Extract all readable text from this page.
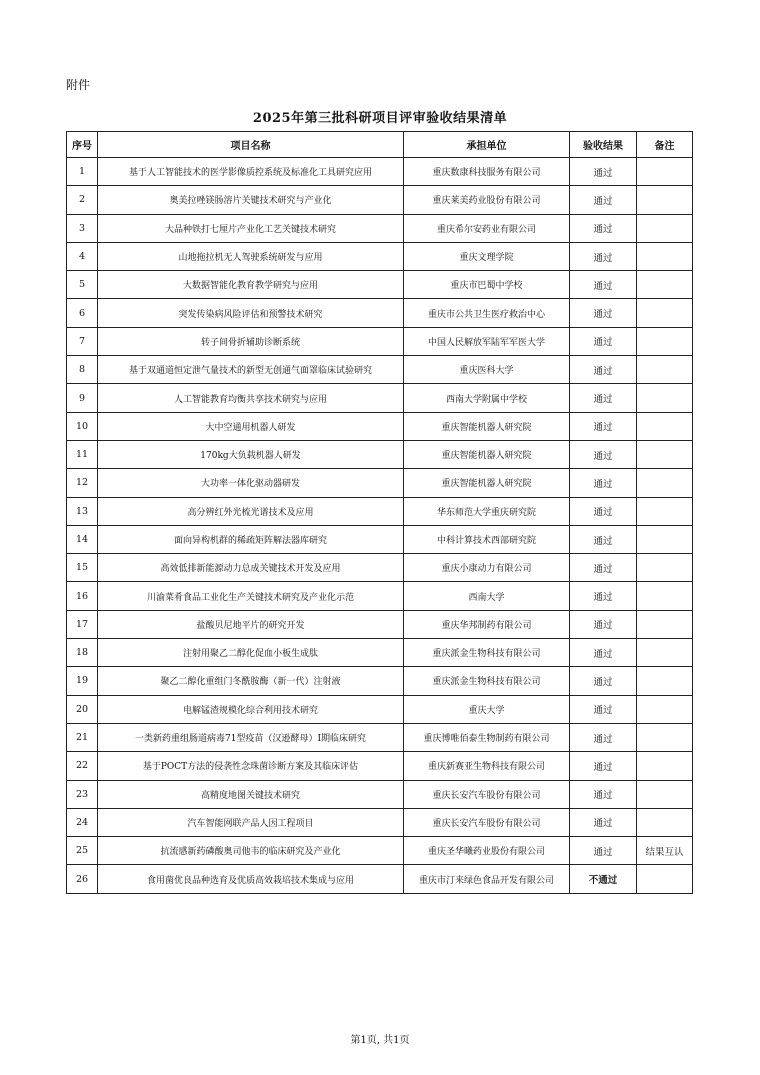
附件
2025年第三批科研项目评审验收结果清单
序号	项目名称	承担单位	验收结果	备注
1	基于人工智能技术的医学影像质控系统及标准化工具研究应用	重庆数康科技服务有限公司	通过	
2	奥美拉唑镁肠溶片关键技术研究与产业化	重庆莱美药业股份有限公司	通过	
3	大品种铁打七厘片产业化工艺关键技术研究	重庆希尔安药业有限公司	通过	
4	山地拖拉机无人驾驶系统研发与应用	重庆文理学院	通过	
5	大数据智能化教育教学研究与应用	重庆市巴蜀中学校	通过	
6	突发传染病风险评估和预警技术研究	重庆市公共卫生医疗救治中心	通过	
7	转子间骨折辅助诊断系统	中国人民解放军陆军军医大学	通过	
8	基于双通道恒定泄气量技术的新型无创通气面罩临床试验研究	重庆医科大学	通过	
9	人工智能教育均衡共享技术研究与应用	西南大学附属中学校	通过	
10	大中空通用机器人研发	重庆智能机器人研究院	通过	
11	170kg大负载机器人研发	重庆智能机器人研究院	通过	
12	大功率一体化驱动器研发	重庆智能机器人研究院	通过	
13	高分辨红外光梳光谱技术及应用	华东师范大学重庆研究院	通过	
14	面向异构机群的稀疏矩阵解法器库研究	中科计算技术西部研究院	通过	
15	高效低排新能源动力总成关键技术开发及应用	重庆小康动力有限公司	通过	
16	川渝菜肴食品工业化生产关键技术研究及产业化示范	西南大学	通过	
17	盐酸贝尼地平片的研究开发	重庆华邦制药有限公司	通过	
18	注射用聚乙二醇化促血小板生成肽	重庆派金生物科技有限公司	通过	
19	聚乙二醇化重组门冬酰胺酶（新一代）注射液	重庆派金生物科技有限公司	通过	
20	电解锰渣规模化综合利用技术研究	重庆大学	通过	
21	一类新药重组肠道病毒71型疫苗（汉逊酵母）I期临床研究	重庆博唯佰泰生物制药有限公司	通过	
22	基于POCT方法的侵袭性念珠菌诊断方案及其临床评估	重庆新赛亚生物科技有限公司	通过	
23	高精度地图关键技术研究	重庆长安汽车股份有限公司	通过	
24	汽车智能网联产品人因工程项目	重庆长安汽车股份有限公司	通过	
25	抗流感新药磷酸奥司他韦的临床研究及产业化	重庆圣华曦药业股份有限公司	通过	结果互认
26	食用菌优良品种选育及优质高效栽培技术集成与应用	重庆市汀来绿色食品开发有限公司	不通过	
第1页, 共1页
